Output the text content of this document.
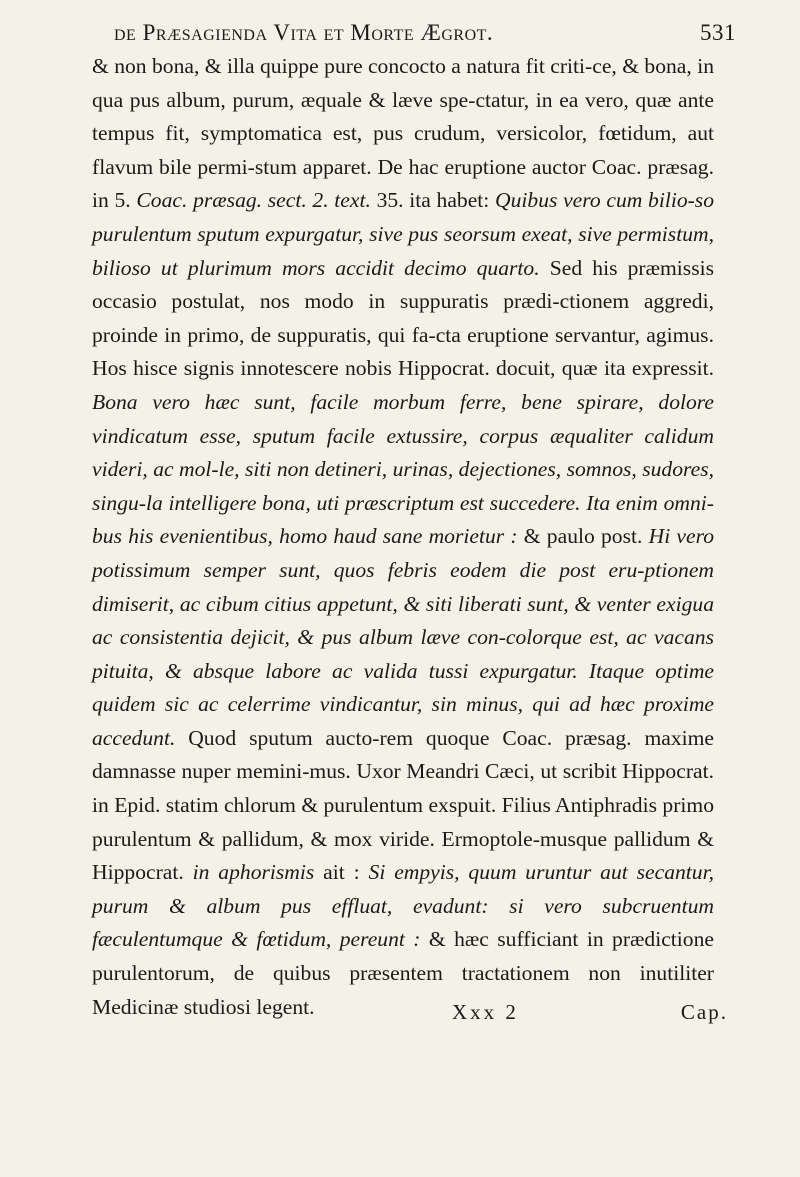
de Præsagienda Vita et Morte Ægrot.	531

& non bona, & illa quippe pure concocto a natura fit criti-ce, & bona, in qua pus album, purum, æquale & læve spe-ctatur, in ea vero, quæ ante tempus fit, symptomatica est, pus crudum, versicolor, fœtidum, aut flavum bile permi-stum apparet. De hac eruptione auctor Coac. præsag. in 5. Coac. præsag. sect. 2. text. 35. ita habet: Quibus vero cum bilio-so purulentum sputum expurgatur, sive pus seorsum exeat, sive permistum, bilioso ut plurimum mors accidit decimo quarto. Sed his præmissis occasio postulat, nos modo in suppuratis prædi-ctionem aggredi, proinde in primo, de suppuratis, qui fa-cta eruptione servantur, agimus. Hos hisce signis innotescere nobis Hippocrat. docuit, quæ ita expressit. Bona vero hæc sunt, facile morbum ferre, bene spirare, dolore vindicatum esse, sputum facile extussire, corpus æqualiter calidum videri, ac mol-le, siti non detineri, urinas, dejectiones, somnos, sudores, singu-la intelligere bona, uti præscriptum est succedere. Ita enim omni-bus his evenientibus, homo haud sane morietur : & paulo post. Hi vero potissimum semper sunt, quos febris eodem die post eru-ptionem dimiserit, ac cibum citius appetunt, & siti liberati sunt, & venter exigua ac consistentia dejicit, & pus album læve con-colorque est, ac vacans pituita, & absque labore ac valida tussi expurgatur. Itaque optime quidem sic ac celerrime vindicantur, sin minus, qui ad hæc proxime accedunt. Quod sputum aucto-rem quoque Coac. præsag. maxime damnasse nuper memini-mus. Uxor Meandri Cæci, ut scribit Hippocrat. in Epid. statim chlorum & purulentum exspuit. Filius Antiphradis primo purulentum & pallidum, & mox viride. Ermoptole-musque pallidum & Hippocrat. in aphorismis ait : Si empyis, quum uruntur aut secantur, purum & album pus effluat, evadunt: si vero subcruentum fæculentumque & fœtidum, pereunt : & hæc sufficiant in prædictione purulentorum, de quibus præsentem tractationem non inutiliter Medicinæ studiosi legent.	Xxx 2	Cap.
